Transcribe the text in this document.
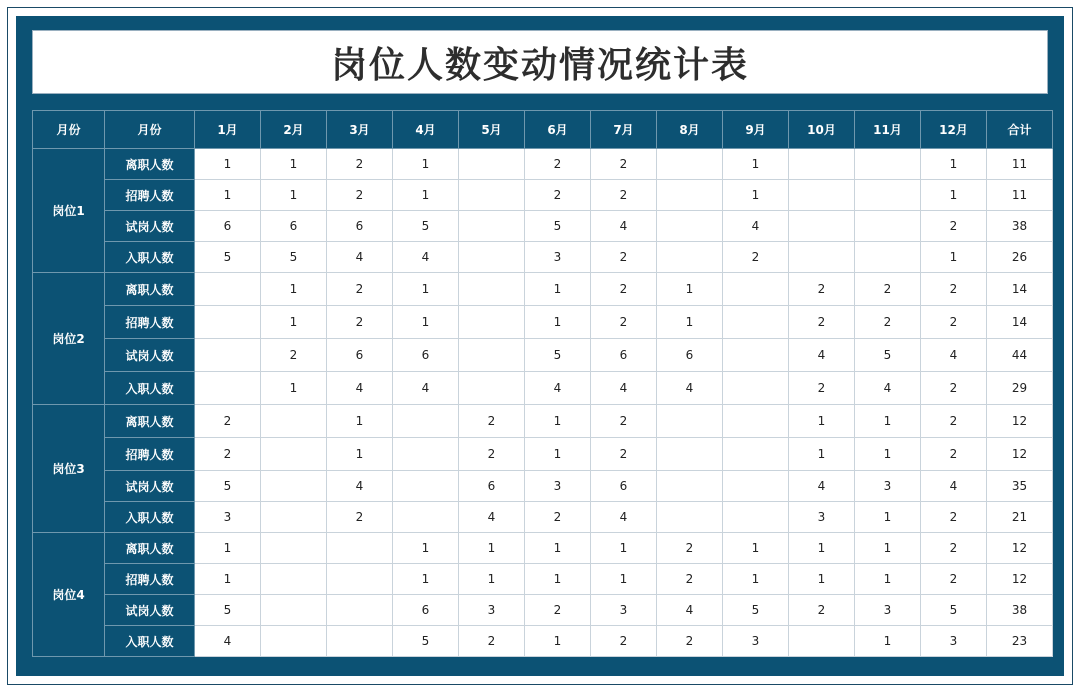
岗位人数变动情况统计表
月份	月份	1月	2月	3月	4月	5月	6月	7月	8月	9月	10月	11月	12月	合计
岗位1	离职人数	1	1	2	1		2	2		1			1	11
	招聘人数	1	1	2	1		2	2		1			1	11
	试岗人数	6	6	6	5		5	4		4			2	38
	入职人数	5	5	4	4		3	2		2			1	26
岗位2	离职人数		1	2	1		1	2	1		2	2	2	14
	招聘人数		1	2	1		1	2	1		2	2	2	14
	试岗人数		2	6	6		5	6	6		4	5	4	44
	入职人数		1	4	4		4	4	4		2	4	2	29
岗位3	离职人数	2		1		2	1	2			1	1	2	12
	招聘人数	2		1		2	1	2			1	1	2	12
	试岗人数	5		4		6	3	6			4	3	4	35
	入职人数	3		2		4	2	4			3	1	2	21
岗位4	离职人数	1			1	1	1	1	2	1	1	1	2	12
	招聘人数	1			1	1	1	1	2	1	1	1	2	12
	试岗人数	5			6	3	2	3	4	5	2	3	5	38
	入职人数	4			5	2	1	2	2	3		1	3	23
